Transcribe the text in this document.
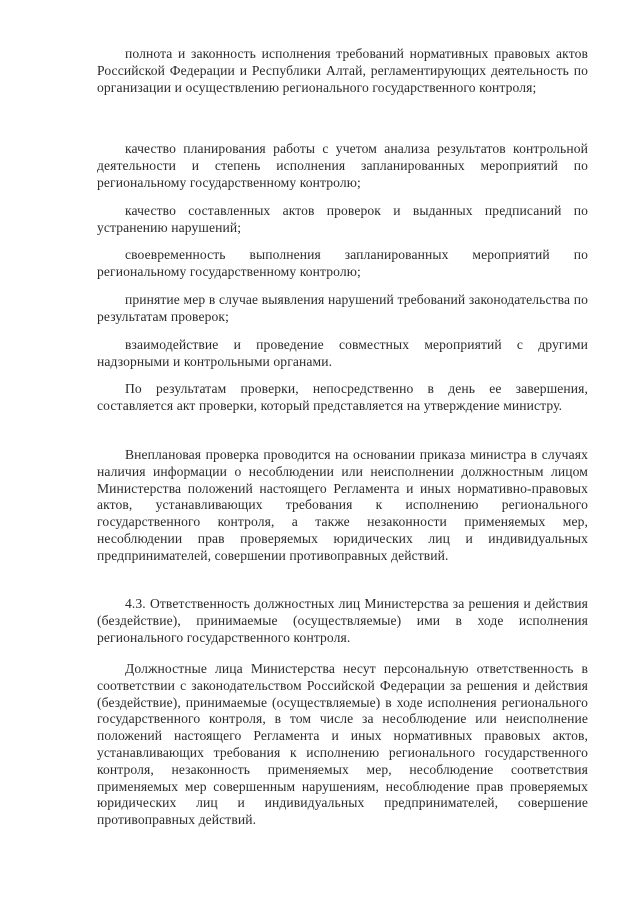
полнота и законность исполнения требований нормативных правовых актов Российской Федерации и Республики Алтай, регламентирующих деятельность по организации и осуществлению регионального государственного контроля;

качество планирования работы с учетом анализа результатов контрольной деятельности и степень исполнения запланированных мероприятий по региональному государственному контролю;

качество составленных актов проверок и выданных предписаний по устранению нарушений;

своевременность выполнения запланированных мероприятий по региональному государственному контролю;

принятие мер в случае выявления нарушений требований законодательства по результатам проверок;

взаимодействие и проведение совместных мероприятий с другими надзорными и контрольными органами.

По результатам проверки, непосредственно в день ее завершения, составляется акт проверки, который представляется на утверждение министру.

Внеплановая проверка проводится на основании приказа министра в случаях наличия информации о несоблюдении или неисполнении должностным лицом Министерства положений настоящего Регламента и иных нормативно-правовых актов, устанавливающих требования к исполнению регионального государственного контроля, а также незаконности применяемых мер, несоблюдении прав проверяемых юридических лиц и индивидуальных предпринимателей, совершении противоправных действий.

4.3. Ответственность должностных лиц Министерства за решения и действия (бездействие), принимаемые (осуществляемые) ими в ходе исполнения регионального государственного контроля.

Должностные лица Министерства несут персональную ответственность в соответствии с законодательством Российской Федерации за решения и действия (бездействие), принимаемые (осуществляемые) в ходе исполнения регионального государственного контроля, в том числе за несоблюдение или неисполнение положений настоящего Регламента и иных нормативных правовых актов, устанавливающих требования к исполнению регионального государственного контроля, незаконность применяемых мер, несоблюдение соответствия применяемых мер совершенным нарушениям, несоблюдение прав проверяемых юридических лиц и индивидуальных предпринимателей, совершение противоправных действий.
